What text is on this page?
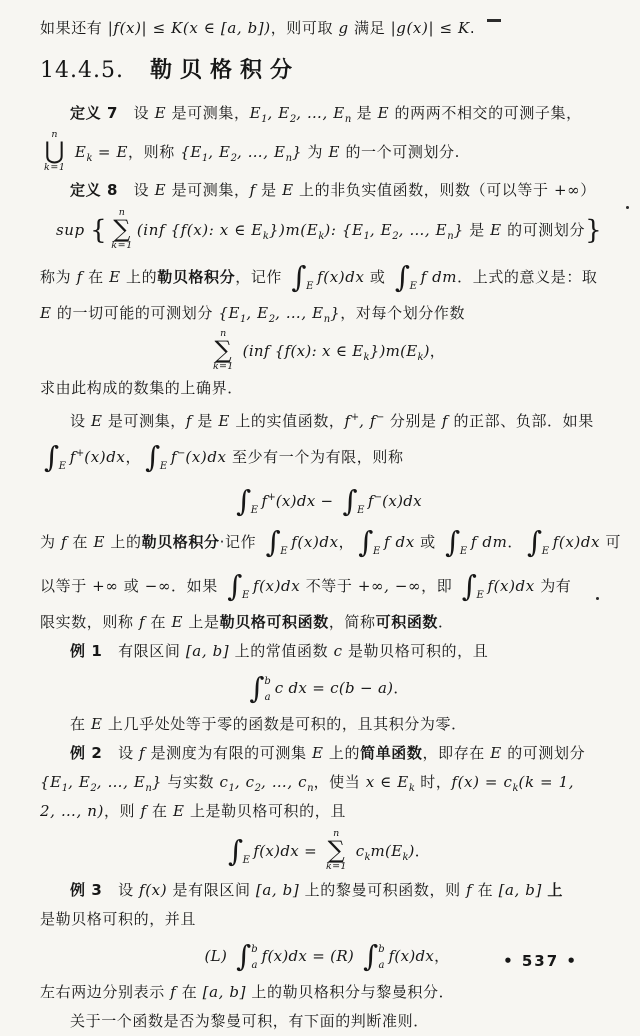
如果还有 |f(x)| ≤ K(x ∈ [a, b])，则可取 g 满足 |g(x)| ≤ K.
14.4.5. 勒贝格积分
定义 7　设 E 是可测集，$E_1$, $E_2$, …, $E_n$ 是 E 的两两不相交的可测子集，
n
⋃
k=1
$E_k = E$，则称 {$E_1$, $E_2$, …, $E_n$} 为 E 的一个可测划分.
定义 8　设 E 是可测集，f 是 E 上的非负实值函数，则数（可以等于 +∞）
sup {
n
∑
k=1
(inf {f(x): x ∈ $E_k\})m(E_k)$: {$E_1$, $E_2$, …, $E_n$} 是 E 的可测划分}
称为 f 在 E 上的勒贝格积分，记作 ∫
E f(x)dx 或 ∫
E f dm．上式的意义是：取
E 的一切可能的可测划分 {$E_1$, $E_2$, …, $E_n$}，对每个划分作数
n
∑
k=1
(inf {f(x): x ∈ $E_k\})m(E_k)$，
求由此构成的数集的上确界．
设 E 是可测集，f 是 E 上的实值函数，f+, f− 分别是 f 的正部、负部．如果
∫
E f+(x)dx， ∫
E f−(x)dx 至少有一个为有限，则称
∫
E f+(x)dx − ∫
E f−(x)dx
为 f 在 E 上的勒贝格积分·记作 ∫
E f(x)dx， ∫
E f dx 或 ∫
E f dm． ∫
E f(x)dx 可
以等于 +∞ 或 −∞．如果 ∫
E f(x)dx 不等于 +∞, −∞，即 ∫
E f(x)dx 为有
限实数，则称 f 在 E 上是勒贝格可积函数，简称可积函数．
例 1　有限区间 [a, b] 上的常值函数 c 是勒贝格可积的，且
∫ b
a c dx = c(b − a)．
在 E 上几乎处处等于零的函数是可积的，且其积分为零．
例 2　设 f 是测度为有限的可测集 E 上的简单函数，即存在 E 的可测划分
{$E_1$, $E_2$, …, $E_n$} 与实数 $c_1$, $c_2$, …, $c_n$，使当 x ∈ $E_k$ 时，$f(x) = c_k(k = 1$,
2, …, n)，则 f 在 E 上是勒贝格可积的，且
∫
E f(x)dx =
n
∑
k=1
$c_km(E_k)$．
例 3　设 f(x) 是有限区间 [a, b] 上的黎曼可积函数，则 f 在 [a, b] 上
是勒贝格可积的，并且
(L) ∫ b
a f(x)dx = (R) ∫ b
a f(x)dx，
左右两边分别表示 f 在 [a, b] 上的勒贝格积分与黎曼积分．
关于一个函数是否为黎曼可积，有下面的判断准则．
• 537 •
